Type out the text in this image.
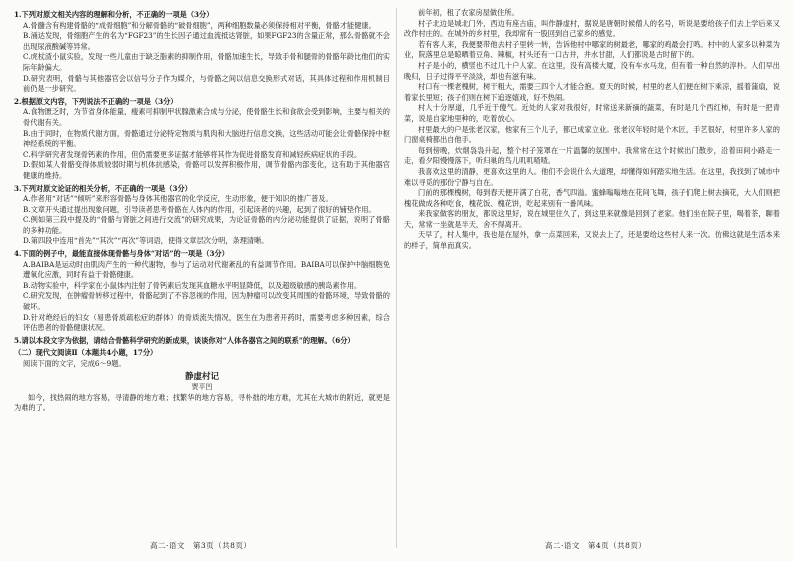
1.下列对原文相关内容的理解和分析，不正确的一项是（3分）

A.骨髓含有构建骨骼的“成骨细胞”和分解骨骼的“破骨细胞”，两种细胞数量必须保持相对平衡，骨骼才能健康。

B.涌达发现，骨细胞产生的名为“FGF23”的生长因子通过血流抵达肾脏，如果FGF23的含量正常，那么骨骼就不会出现尿液酸碱等异常。

C.虎杖渣小鼠实验，发现一些儿童由于缺乏脂素的抑制作用，骨骼加速生长，导致手骨和腿骨的骨骼年龄比他们的实际年龄偏大。

D.研究表明，骨骼与其他器官会以信号分子作为媒介，与骨骼之间以信息交换形式对话，其具体过程和作用机制目前仍是一步研究。

2.根据原文内容，下列说法不正确的一项是（3分）

A.食物匮乏时，为节省身体能量，瘦素可抑制甲状腺激素合成与分泌，使骨骼生长和食欲会受到影响，主要与相关的骨代谢有关。

B.由于同时，在物质代谢方面，骨骼通过分泌特定物质与肌肉和大脑进行信息交换，这些活动可能会让骨骼保持中枢神经系统的平衡。

C.科学研究者发现骨钙素的作用，但仍需要更多证据才能够将其作为促进骨骼发育和减轻疾病症状的手段。

D.假如某人骨骼变得体质较弱时期与机体抗感染，骨骼可以发挥积极作用，调节骨骼内部变化，这有助于其他器官健康的维持。

3.下列对原文论证的相关分析，不正确的一项是（3分）

A.作者用“对话”“倾听”来形容骨骼与身体其他器官的化学反应，生动形象，便于知识的推广普及。

B.文章开头通过提出现象问题，引导读者思考骨骼在人体内的作用，引起读者的兴趣，起到了很好的铺垫作用。

C.例如第三段中提及的“骨骼与肾脏之间进行交流”的研究成果，为论证骨骼的内分泌功能提供了证据，说明了骨骼的多种功能。

D.第四段中连用“首先”“其次”“再次”等词语，使得文章层次分明，条理清晰。

4.下面的例子中，最能直接体现骨骼与身体“对话”的一项是（3分）

A.BAIBA是运动时由肌肉产生的一种代谢物，参与了运动对代谢紊乱的有益调节作用。BAIBA可以保护中脑细胞免遭氧化应激，同时有益于骨骼健康。

B.动物实验中，科学家在小鼠体内注射了骨钙素后发现其血糖水平明显降低，以及超级敏感的胰岛素作用。

C.研究发现，在肿瘤骨转移过程中，骨骼起到了不容忽视的作用，因为肿瘤可以改变其周围的骨骼环境，导致骨骼的破坏。

D.针对绝经后的妇女（易患骨质疏松症的群体）的骨质流失情况，医生在为患者开药时，需要考虑多种因素，综合评估患者的骨骼健康状况。

5.请以本段文字为依据，请结合骨骼科学研究的新成果，谈谈你对“人体各器官之间的联系”的理解。（6分）

（二）现代文阅读Ⅱ（本题共4小题，17分）

阅读下面的文字，完成6～9题。

静虚村记

贾平凹

如今，找热闹的地方容易，寻清静的地方难；找繁华的地方容易，寻朴拙的地方难，尤其在大城市的附近，就更是为难的了。

前年初，租了农家房屋做住所。

村子北边是城北门外，西边有座古庙，叫作静虚村，据说是唐朝时候僧人的名号，听说是要给孩子们去上学后来又改作村庄的。在城外的乡村里，我却常有一股回到自己家乡的感觉。

若有客人来，我便要带他去村子里转一转，告诉他村中哪家的树最老，哪家的鸡最会打鸣。村中的人家多以种菜为业，院落里总是晾晒着豆角、辣椒，村头还有一口古井，井水甘甜，人们都说是古时留下的。

村子是小的，横竖也不过几十户人家。在这里，没有高楼大厦，没有车水马龙，但有着一种自然的淳朴。人们早出晚归，日子过得平平淡淡，却也有滋有味。

村口有一棵老槐树，树干粗大，需要三四个人才能合抱。夏天的时候，村里的老人们便在树下乘凉，摇着蒲扇，说着家长里短；孩子们则在树下追逐嬉戏，好不热闹。

村人十分厚道，几乎近于傻气。近处的人家对我很好，时常送来新摘的蔬菜，有时是几个西红柿，有时是一把青菜，说是自家地里种的，吃着放心。

村里最大的户是张老汉家，他家有三个儿子，都已成家立业。张老汉年轻时是个木匠，手艺很好，村里许多人家的门窗桌椅都出自他手。

每到傍晚，炊烟袅袅升起，整个村子笼罩在一片温馨的氛围中。我常常在这个时候出门散步，沿着田间小路走一走，看夕阳慢慢落下，听归巢的鸟儿叽叽喳喳。

我喜欢这里的清静，更喜欢这里的人。他们不会说什么大道理，却懂得如何踏实地生活。在这里，我找到了城市中难以寻觅的那份宁静与自在。

门前的那棵槐树，每到春天便开满了白花，香气四溢。蜜蜂嗡嗡地在花间飞舞，孩子们爬上树去摘花，大人们则把槐花做成各种吃食，槐花饭、槐花饼，吃起来别有一番风味。

来我家做客的朋友，都说这里好，说在城里住久了，到这里来就像是回到了老家。他们坐在院子里，喝着茶，聊着天，常常一坐就是半天，舍不得离开。

天早了，村人集中，我也是在屋外，拿一点菜回来，又说去上了，还是要给这些村人来一次。仿佛这就是生活本来的样子，简单而真实。

高二·语文　第3页（共8页）	高二·语文　第4页（共8页）
